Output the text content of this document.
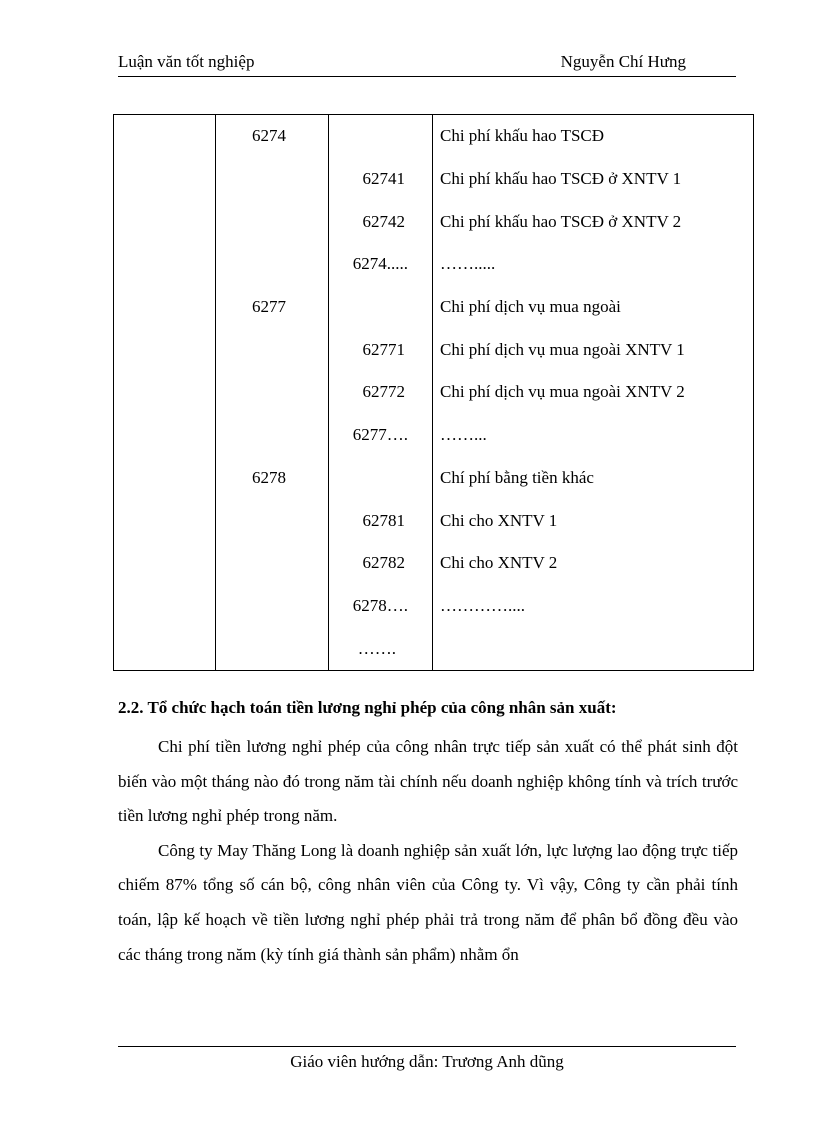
Luận văn tốt nghiệp	Nguyễn Chí Hưng
	6274		Chi phí khấu hao TSCĐ
		62741	Chi phí khấu hao TSCĐ ở XNTV 1
		62742	Chi phí khấu hao TSCĐ ở XNTV 2
		6274.....	…….....
	6277		Chi phí dịch vụ mua ngoài
		62771	Chi phí dịch vụ mua ngoài XNTV 1
		62772	Chi phí dịch vụ mua ngoài XNTV 2
		6277….	……...
	6278		Chí phí bằng tiền khác
		62781	Chi cho XNTV 1
		62782	Chi cho XNTV 2
		6278….	…………....
		…….	
2.2. Tổ chức hạch toán tiền lương nghỉ phép của công nhân sản xuất:

Chi phí tiền lương nghỉ phép của công nhân trực tiếp sản xuất có thể phát sinh đột biến vào một tháng nào đó trong năm tài chính nếu doanh nghiệp không tính và trích trước tiền lương nghỉ phép trong năm.

Công ty May Thăng Long là doanh nghiệp sản xuất lớn, lực lượng lao động trực tiếp chiếm 87% tổng số cán bộ, công nhân viên của Công ty. Vì vậy, Công ty cần phải tính toán, lập kế hoạch về tiền lương nghỉ phép phải trả trong năm để phân bổ đồng đều vào các tháng trong năm (kỳ tính giá thành sản phẩm) nhằm ổn

Giáo viên hướng dẫn: Trương Anh dũng
